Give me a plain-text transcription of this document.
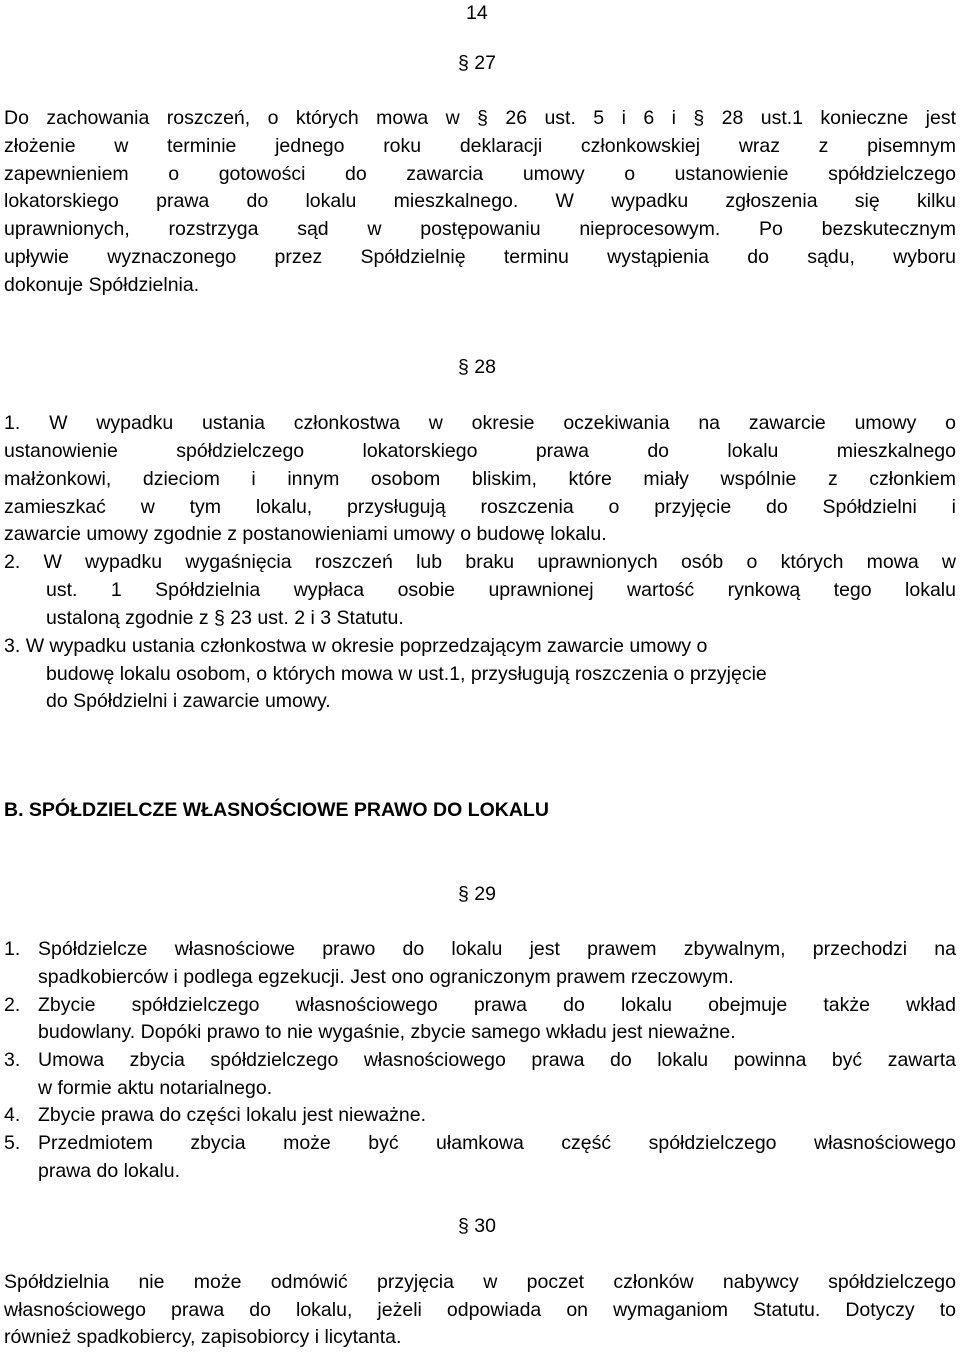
14
§ 27
Do zachowania roszczeń, o których mowa w § 26 ust. 5 i 6 i § 28 ust.1 konieczne jest
złożenie w terminie jednego roku deklaracji członkowskiej wraz z pisemnym
zapewnieniem o gotowości do zawarcia umowy o ustanowienie spółdzielczego
lokatorskiego prawa do lokalu mieszkalnego. W wypadku zgłoszenia się kilku
uprawnionych, rozstrzyga sąd w postępowaniu nieprocesowym. Po bezskutecznym
upływie wyznaczonego przez Spółdzielnię terminu wystąpienia do sądu, wyboru
dokonuje Spółdzielnia.
§ 28
1. W wypadku ustania członkostwa w okresie oczekiwania na zawarcie umowy o
ustanowienie spółdzielczego lokatorskiego prawa do lokalu mieszkalnego
małżonkowi, dzieciom i innym osobom bliskim, które miały wspólnie z członkiem
zamieszkać w tym lokalu, przysługują roszczenia o przyjęcie do Spółdzielni i
zawarcie umowy zgodnie z postanowieniami umowy o budowę lokalu.
2. W wypadku wygaśnięcia roszczeń lub braku uprawnionych osób o których mowa w
ust. 1 Spółdzielnia wypłaca osobie uprawnionej wartość rynkową tego lokalu
ustaloną zgodnie z § 23 ust. 2 i 3 Statutu.
3. W wypadku ustania członkostwa w okresie poprzedzającym zawarcie umowy o
budowę lokalu osobom, o których mowa w ust.1, przysługują roszczenia o przyjęcie
do Spółdzielni i zawarcie umowy.
B. SPÓŁDZIELCZE WŁASNOŚCIOWE PRAWO DO LOKALU
§ 29
1. Spółdzielcze własnościowe prawo do lokalu jest prawem zbywalnym, przechodzi na
spadkobierców i podlega egzekucji. Jest ono ograniczonym prawem rzeczowym.
2. Zbycie spółdzielczego własnościowego prawa do lokalu obejmuje także wkład
budowlany. Dopóki prawo to nie wygaśnie, zbycie samego wkładu jest nieważne.
3. Umowa zbycia spółdzielczego własnościowego prawa do lokalu powinna być zawarta
w formie aktu notarialnego.
4. Zbycie prawa do części lokalu jest nieważne.
5. Przedmiotem zbycia może być ułamkowa część spółdzielczego własnościowego
prawa do lokalu.
§ 30
Spółdzielnia nie może odmówić przyjęcia w poczet członków nabywcy spółdzielczego
własnościowego prawa do lokalu, jeżeli odpowiada on wymaganiom Statutu. Dotyczy to
również spadkobiercy, zapisobiorcy i licytanta.
